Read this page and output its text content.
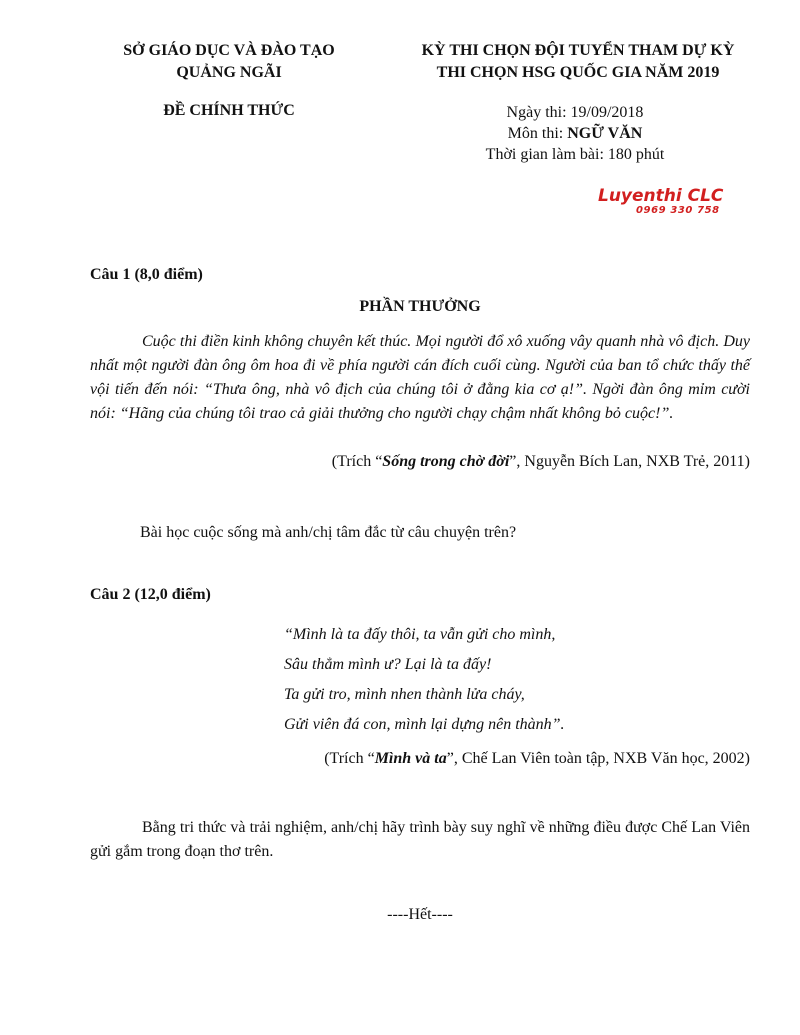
SỞ GIÁO DỤC VÀ ĐÀO TẠO
QUẢNG NGÃI
KỲ THI CHỌN ĐỘI TUYỂN THAM DỰ KỲ
THI CHỌN HSG QUỐC GIA NĂM 2019
ĐỀ CHÍNH THỨC	Ngày thi: 19/09/2018
Môn thi: NGỮ VĂN
Thời gian làm bài: 180 phút
Luyenthi CLC
0969 330 758
Câu 1 (8,0 điểm)
PHẦN THƯỞNG
Cuộc thi điền kinh không chuyên kết thúc. Mọi người đổ xô xuống vây quanh nhà vô địch. Duy nhất một người đàn ông ôm hoa đi về phía người cán đích cuối cùng. Người của ban tổ chức thấy thế vội tiến đến nói: “Thưa ông, nhà vô địch của chúng tôi ở đằng kia cơ ạ!”. Ngời đàn ông mỉm cười nói: “Hãng của chúng tôi trao cả giải thưởng cho người chạy chậm nhất không bỏ cuộc!”.
(Trích “Sống trong chờ đời”, Nguyễn Bích Lan, NXB Trẻ, 2011)
Bài học cuộc sống mà anh/chị tâm đắc từ câu chuyện trên?
Câu 2 (12,0 điểm)
“Mình là ta đấy thôi, ta vẫn gửi cho mình,
Sâu thẳm mình ư? Lại là ta đấy!
Ta gửi tro, mình nhen thành lửa cháy,
Gửi viên đá con, mình lại dựng nên thành”.
(Trích “Mình và ta”, Chế Lan Viên toàn tập, NXB Văn học, 2002)
Bằng tri thức và trải nghiệm, anh/chị hãy trình bày suy nghĩ về những điều được Chế Lan Viên gửi gắm trong đoạn thơ trên.
----Hết----
